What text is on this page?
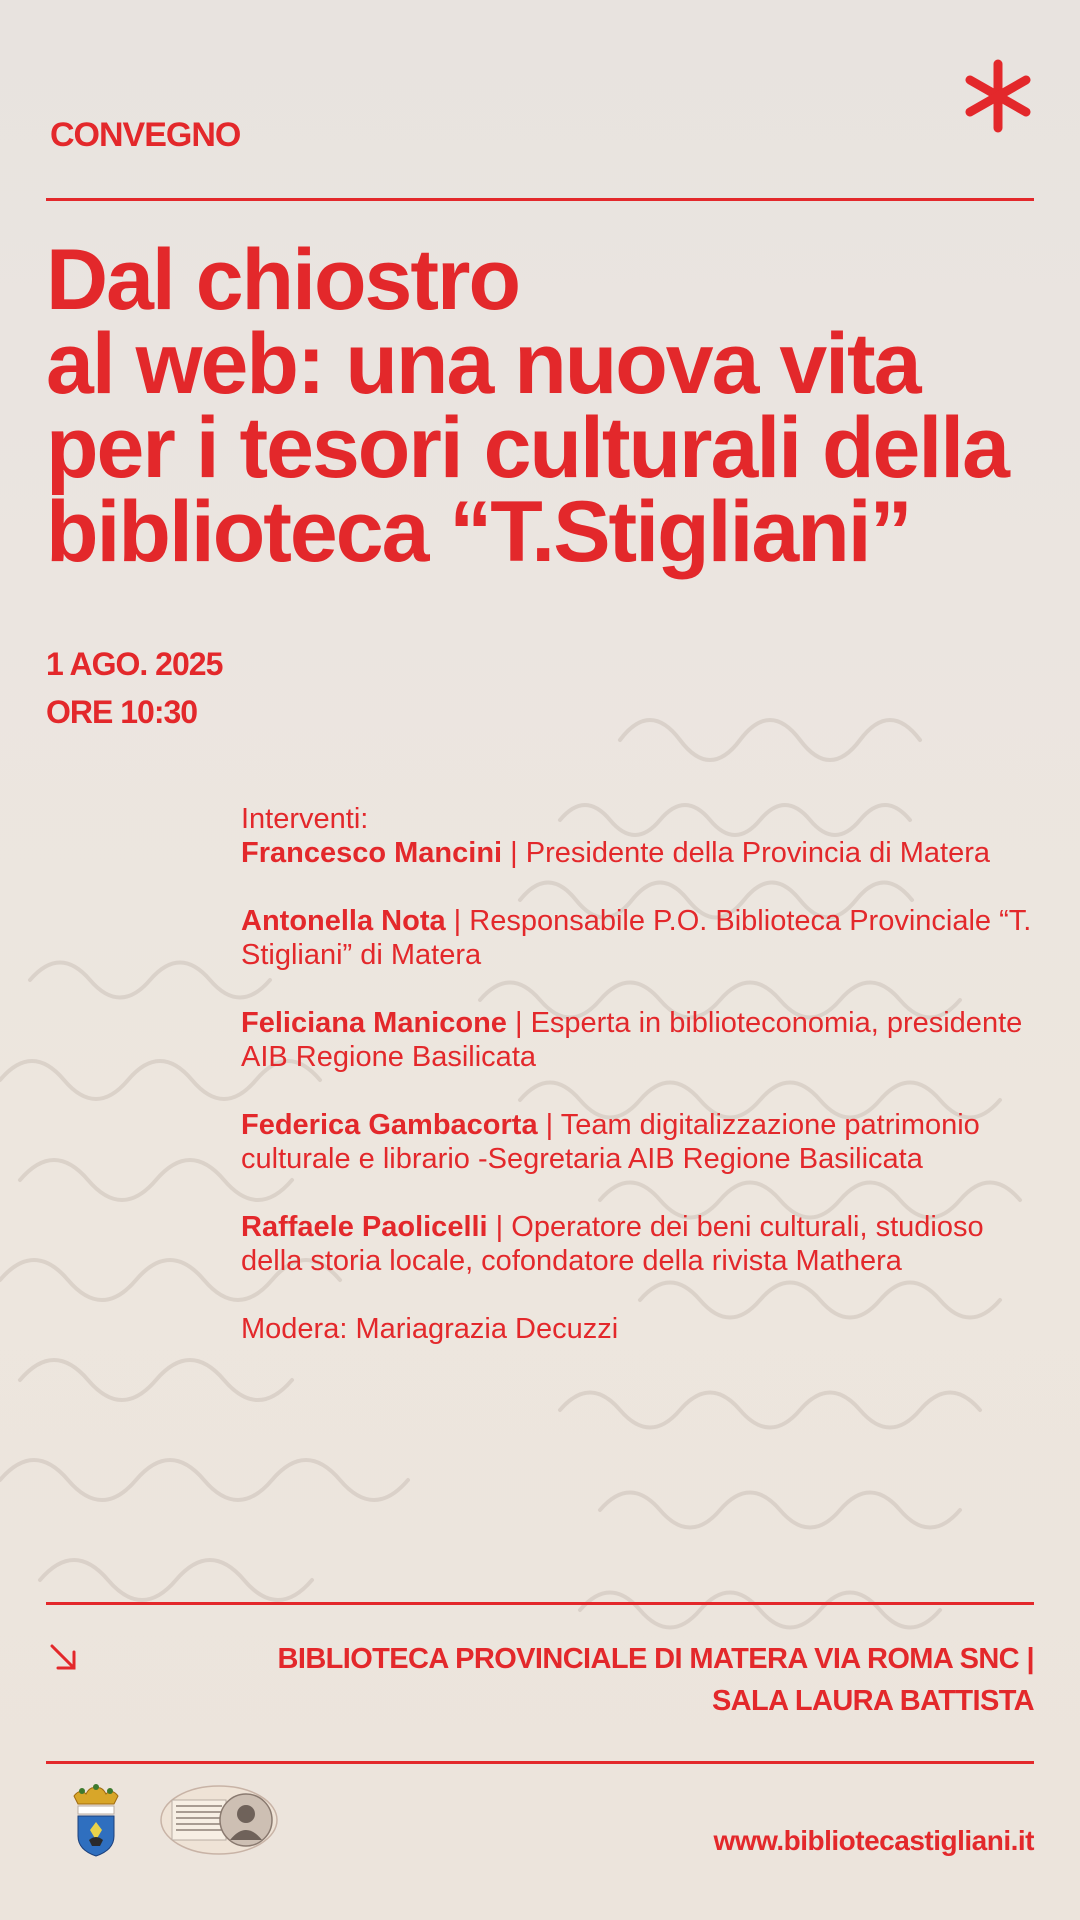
CONVEGNO
Dal chiostro
al web: una nuova vita
per i tesori culturali della
biblioteca “T.Stigliani”
1 AGO. 2025
ORE 10:30
Interventi:
Francesco Mancini | Presidente della Provincia di Matera
Antonella Nota | Responsabile P.O. Biblioteca Provinciale “T. Stigliani” di Matera
Feliciana Manicone | Esperta in biblioteconomia, presidente AIB Regione Basilicata
Federica Gambacorta | Team digitalizzazione patrimonio culturale e librario -Segretaria AIB Regione Basilicata
Raffaele Paolicelli | Operatore dei beni culturali, studioso della storia locale, cofondatore della rivista Mathera
Modera: Mariagrazia Decuzzi
BIBLIOTECA PROVINCIALE DI MATERA VIA ROMA SNC |
SALA LAURA BATTISTA
www.bibliotecastigliani.it
